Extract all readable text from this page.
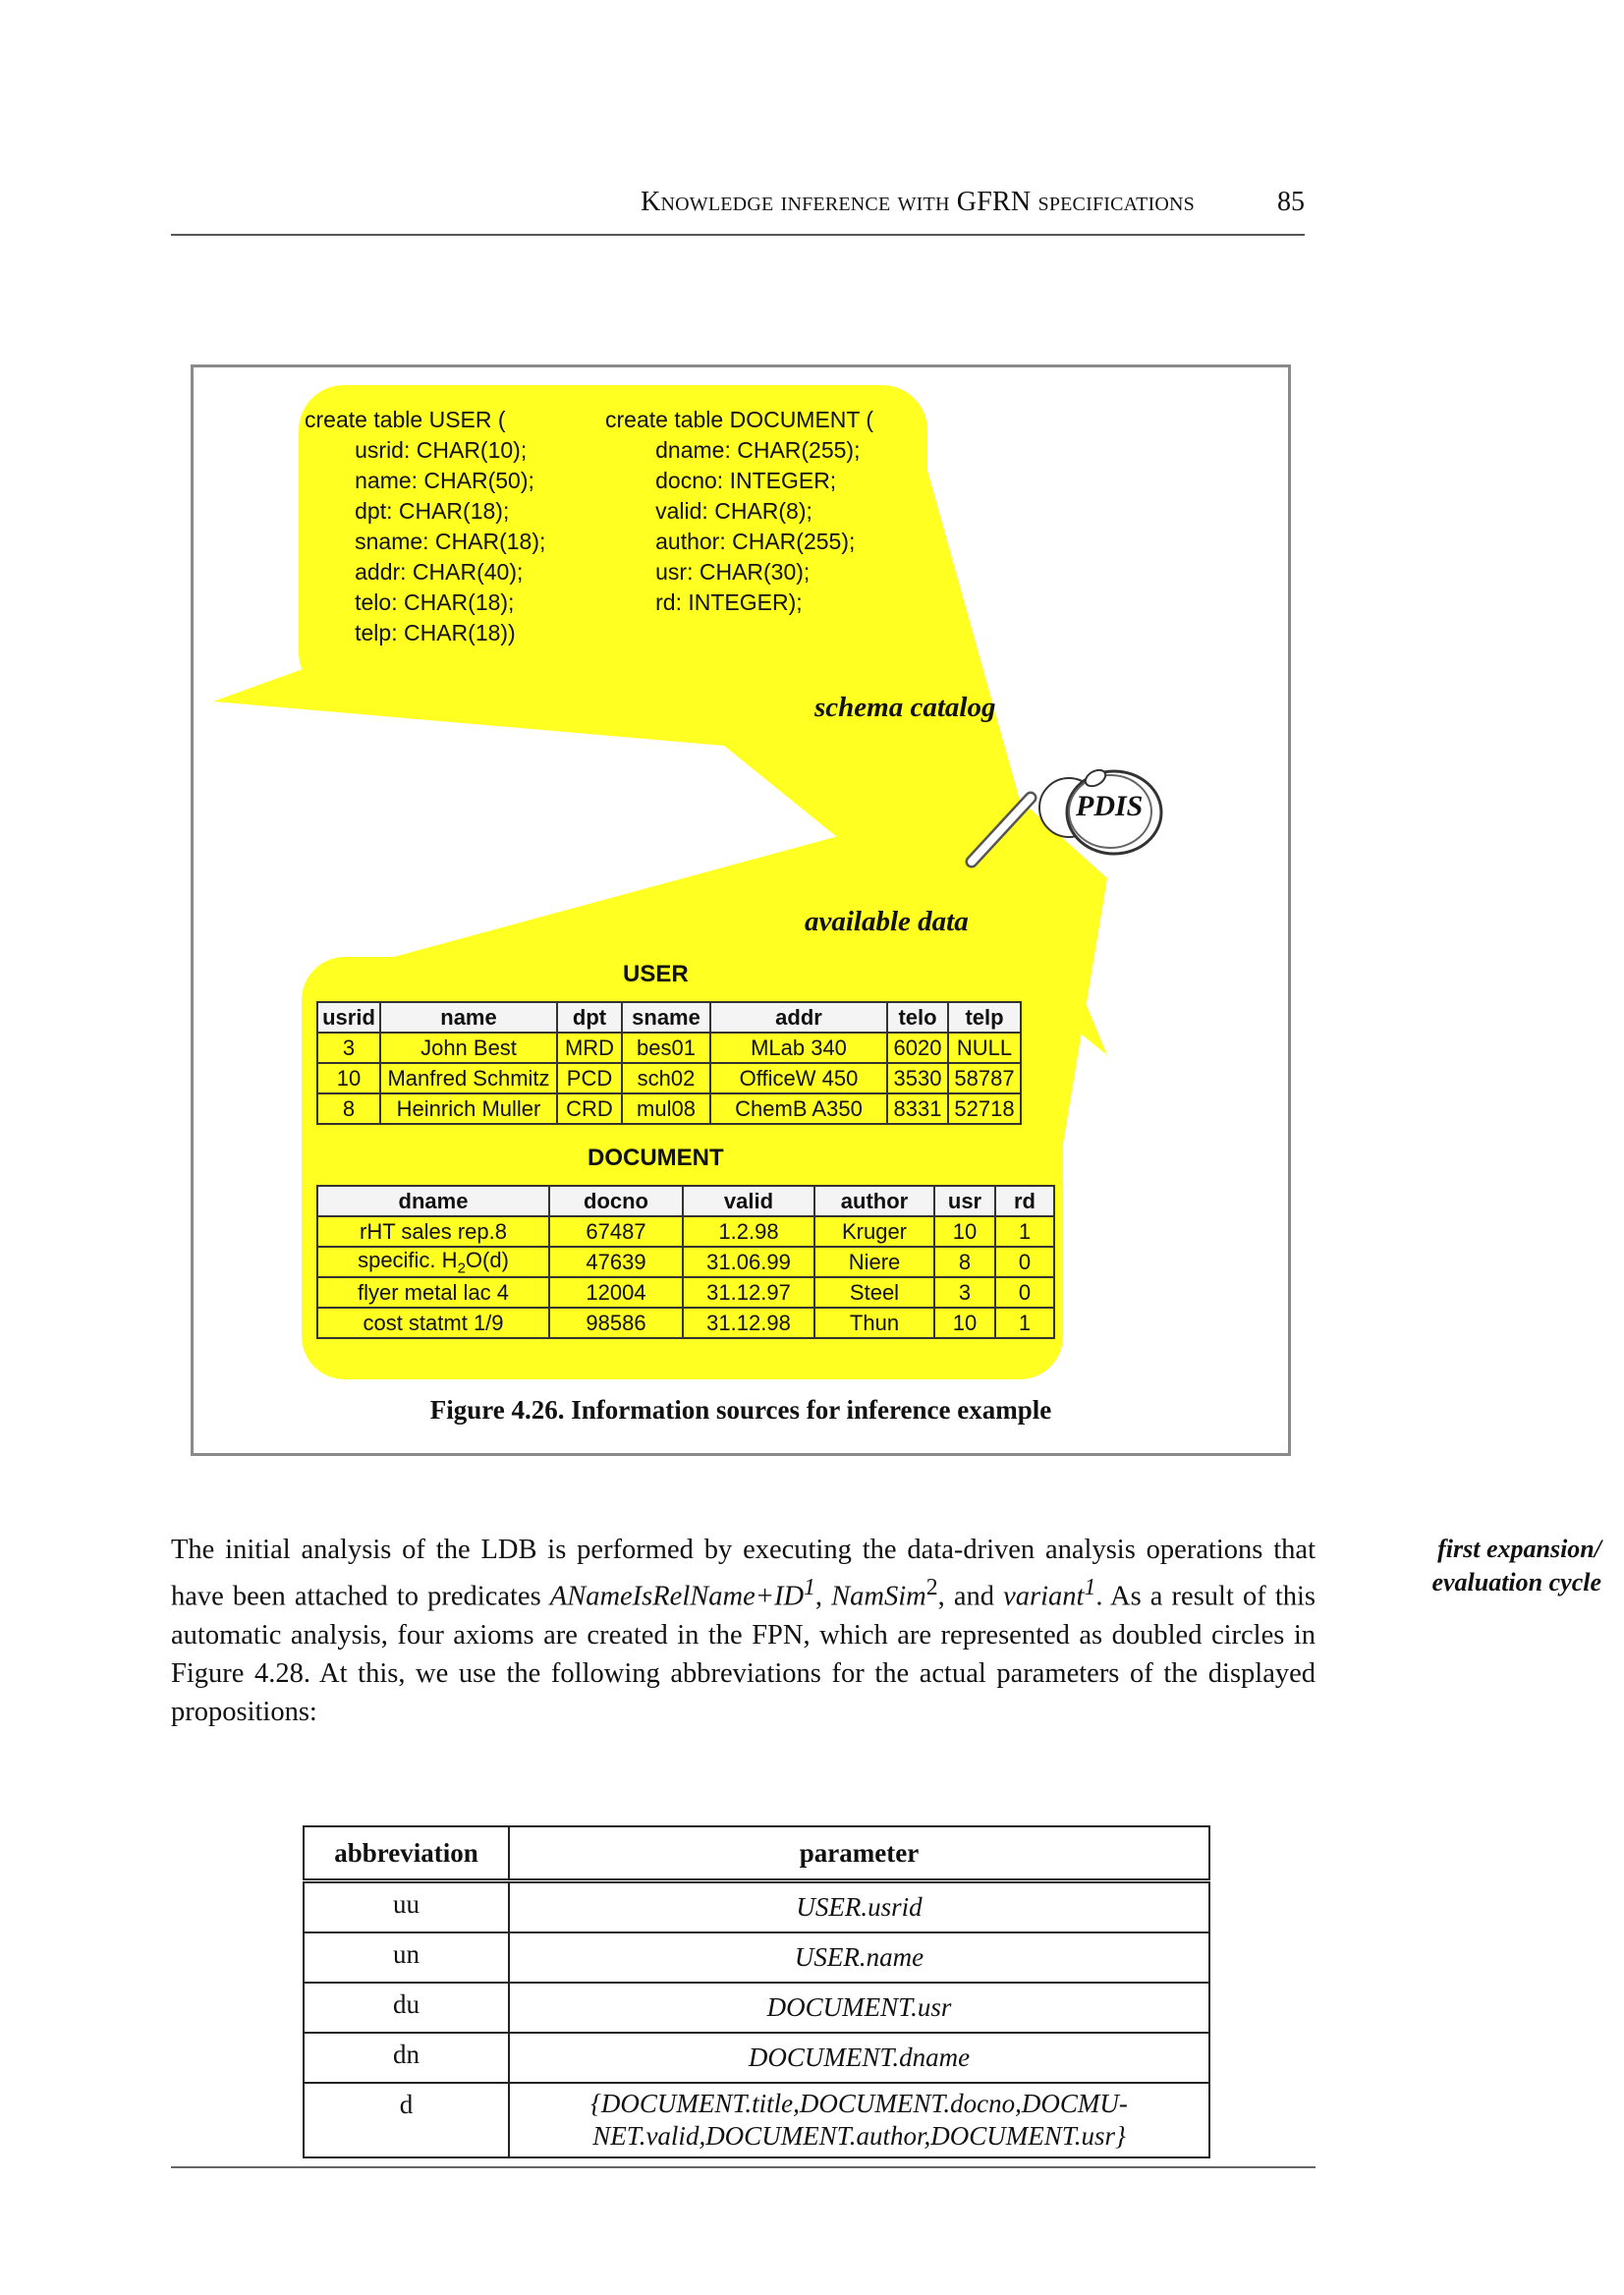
Knowledge inference with GFRN specifications	85
create table USER (
usrid: CHAR(10);
name: CHAR(50);
dpt: CHAR(18);
sname: CHAR(18);
addr: CHAR(40);
telo: CHAR(18);
telp: CHAR(18))
create table DOCUMENT (
dname: CHAR(255);
docno: INTEGER;
valid: CHAR(8);
author: CHAR(255);
usr: CHAR(30);
rd: INTEGER);
schema catalog
PDIS
available data
USER
usrid	name	dpt	sname	addr	telo	telp
3	John Best	MRD	bes01	MLab 340	6020	NULL
10	Manfred Schmitz	PCD	sch02	OfficeW 450	3530	58787
8	Heinrich Muller	CRD	mul08	ChemB A350	8331	52718
DOCUMENT
dname	docno	valid	author	usr	rd
rHT sales rep.8	67487	1.2.98	Kruger	10	1
specific. $H_2O(d)$	47639	31.06.99	Niere	8	0
flyer metal lac 4	12004	31.12.97	Steel	3	0
cost statmt 1/9	98586	31.12.98	Thun	10	1
Figure 4.26. Information sources for inference example
first expansion/
evaluation cycle

The initial analysis of the LDB is performed by executing the data-driven analysis operations that have been attached to predicates $ANameIsRelName+ID^1$, NamSim$^2$, and variant$^1$. As a result of this automatic analysis, four axioms are created in the FPN, which are represented as doubled circles in Figure 4.28. At this, we use the following abbreviations for the actual parameters of the displayed propositions:

abbreviation	parameter
uu	USER.usrid
un	USER.name
du	DOCUMENT.usr
dn	DOCUMENT.dname
d	{DOCUMENT.title,DOCUMENT.docno,DOCMU-
NET.valid,DOCUMENT.author,DOCUMENT.usr}
